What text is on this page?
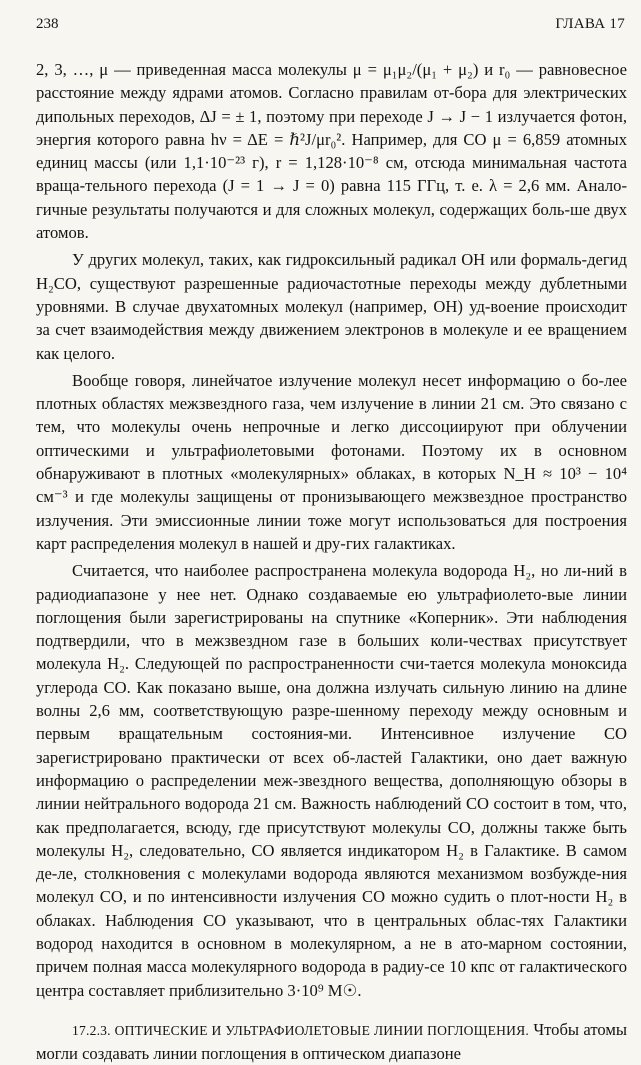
238	ГЛАВА 17

2, 3, …, μ — приведенная масса молекулы μ = μ₁μ₂/(μ₁ + μ₂) и r₀ — равновесное расстояние между ядрами атомов. Согласно правилам от-бора для электрических дипольных переходов, ΔJ = ± 1, поэтому при переходе J → J − 1 излучается фотон, энергия которого равна hν = ΔE = ℏ²J/μr₀². Например, для CO μ = 6,859 атомных единиц массы (или 1,1·10⁻²³ г), r = 1,128·10⁻⁸ см, отсюда минимальная частота враща-тельного перехода (J = 1 → J = 0) равна 115 ГГц, т. е. λ = 2,6 мм. Анало-гичные результаты получаются и для сложных молекул, содержащих боль-ше двух атомов.

У других молекул, таких, как гидроксильный радикал OH или формаль-дегид H₂CO, существуют разрешенные радиочастотные переходы между дублетными уровнями. В случае двухатомных молекул (например, OH) уд-воение происходит за счет взаимодействия между движением электронов в молекуле и ее вращением как целого.

Вообще говоря, линейчатое излучение молекул несет информацию о бо-лее плотных областях межзвездного газа, чем излучение в линии 21 см. Это связано с тем, что молекулы очень непрочные и легко диссоциируют при облучении оптическими и ультрафиолетовыми фотонами. Поэтому их в основном обнаруживают в плотных «молекулярных» облаках, в которых N_H ≈ 10³ − 10⁴ см⁻³ и где молекулы защищены от пронизывающего межзвездное пространство излучения. Эти эмиссионные линии тоже могут использоваться для построения карт распределения молекул в нашей и дру-гих галактиках.

Считается, что наиболее распространена молекула водорода H₂, но ли-ний в радиодиапазоне у нее нет. Однако создаваемые ею ультрафиолето-вые линии поглощения были зарегистрированы на спутнике «Коперник». Эти наблюдения подтвердили, что в межзвездном газе в больших коли-чествах присутствует молекула H₂. Следующей по распространенности счи-тается молекула моноксида углерода CO. Как показано выше, она должна излучать сильную линию на длине волны 2,6 мм, соответствующую разре-шенному переходу между основным и первым вращательным состояния-ми. Интенсивное излучение CO зарегистрировано практически от всех об-ластей Галактики, оно дает важную информацию о распределении меж-звездного вещества, дополняющую обзоры в линии нейтрального водорода 21 см. Важность наблюдений CO состоит в том, что, как предполагается, всюду, где присутствуют молекулы CO, должны также быть молекулы H₂, следовательно, CO является индикатором H₂ в Галактике. В самом де-ле, столкновения с молекулами водорода являются механизмом возбужде-ния молекул CO, и по интенсивности излучения CO можно судить о плот-ности H₂ в облаках. Наблюдения CO указывают, что в центральных облас-тях Галактики водород находится в основном в молекулярном, а не в ато-марном состоянии, причем полная масса молекулярного водорода в радиу-се 10 кпс от галактического центра составляет приблизительно 3·10⁹ M☉.

17.2.3. ОПТИЧЕСКИЕ И УЛЬТРАФИОЛЕТОВЫЕ ЛИНИИ ПОГЛОЩЕНИЯ. Чтобы атомы могли создавать линии поглощения в оптическом диапазоне
